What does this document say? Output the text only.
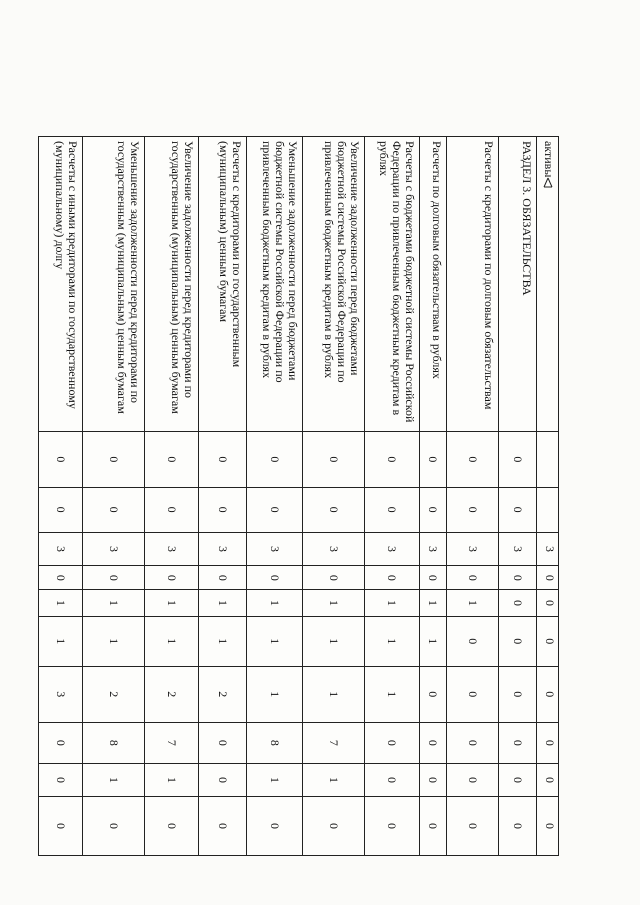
активы			3	0	0	0	0	0	0	0
РАЗДЕЛ 3. ОБЯЗАТЕЛЬСТВА	0	0	3	0	0	0	0	0	0	0
Расчеты с кредиторами по долговым обязательствам	0	0	3	0	1	0	0	0	0	0
Расчеты по долговым обязательствам в рублях	0	0	3	0	1	1	0	0	0	0
Расчеты с бюджетами бюджетной системы Российской Федерации по привлеченным бюджетным кредитам в рублях	0	0	3	0	1	1	1	0	0	0
Увеличение задолженности перед бюджетами бюджетной системы Российской Федерации по привлеченным бюджетным кредитам в рублях	0	0	3	0	1	1	1	7	1	0
Уменьшение задолженности перед бюджетами бюджетной системы Российской Федерации по привлеченным бюджетным кредитам в рублях	0	0	3	0	1	1	1	8	1	0
Расчеты с кредиторами по государственным (муниципальным) ценным бумагам	0	0	3	0	1	1	2	0	0	0
Увеличение задолженности перед кредиторами по государственным (муниципальным) ценным бумагам	0	0	3	0	1	1	2	7	1	0
Уменьшение задолженности перед кредиторами по государственным (муниципальным) ценным бумагам	0	0	3	0	1	1	2	8	1	0
Расчеты с иными кредиторами по государственному (муниципальному) долгу	0	0	3	0	1	1	3	0	0	0
